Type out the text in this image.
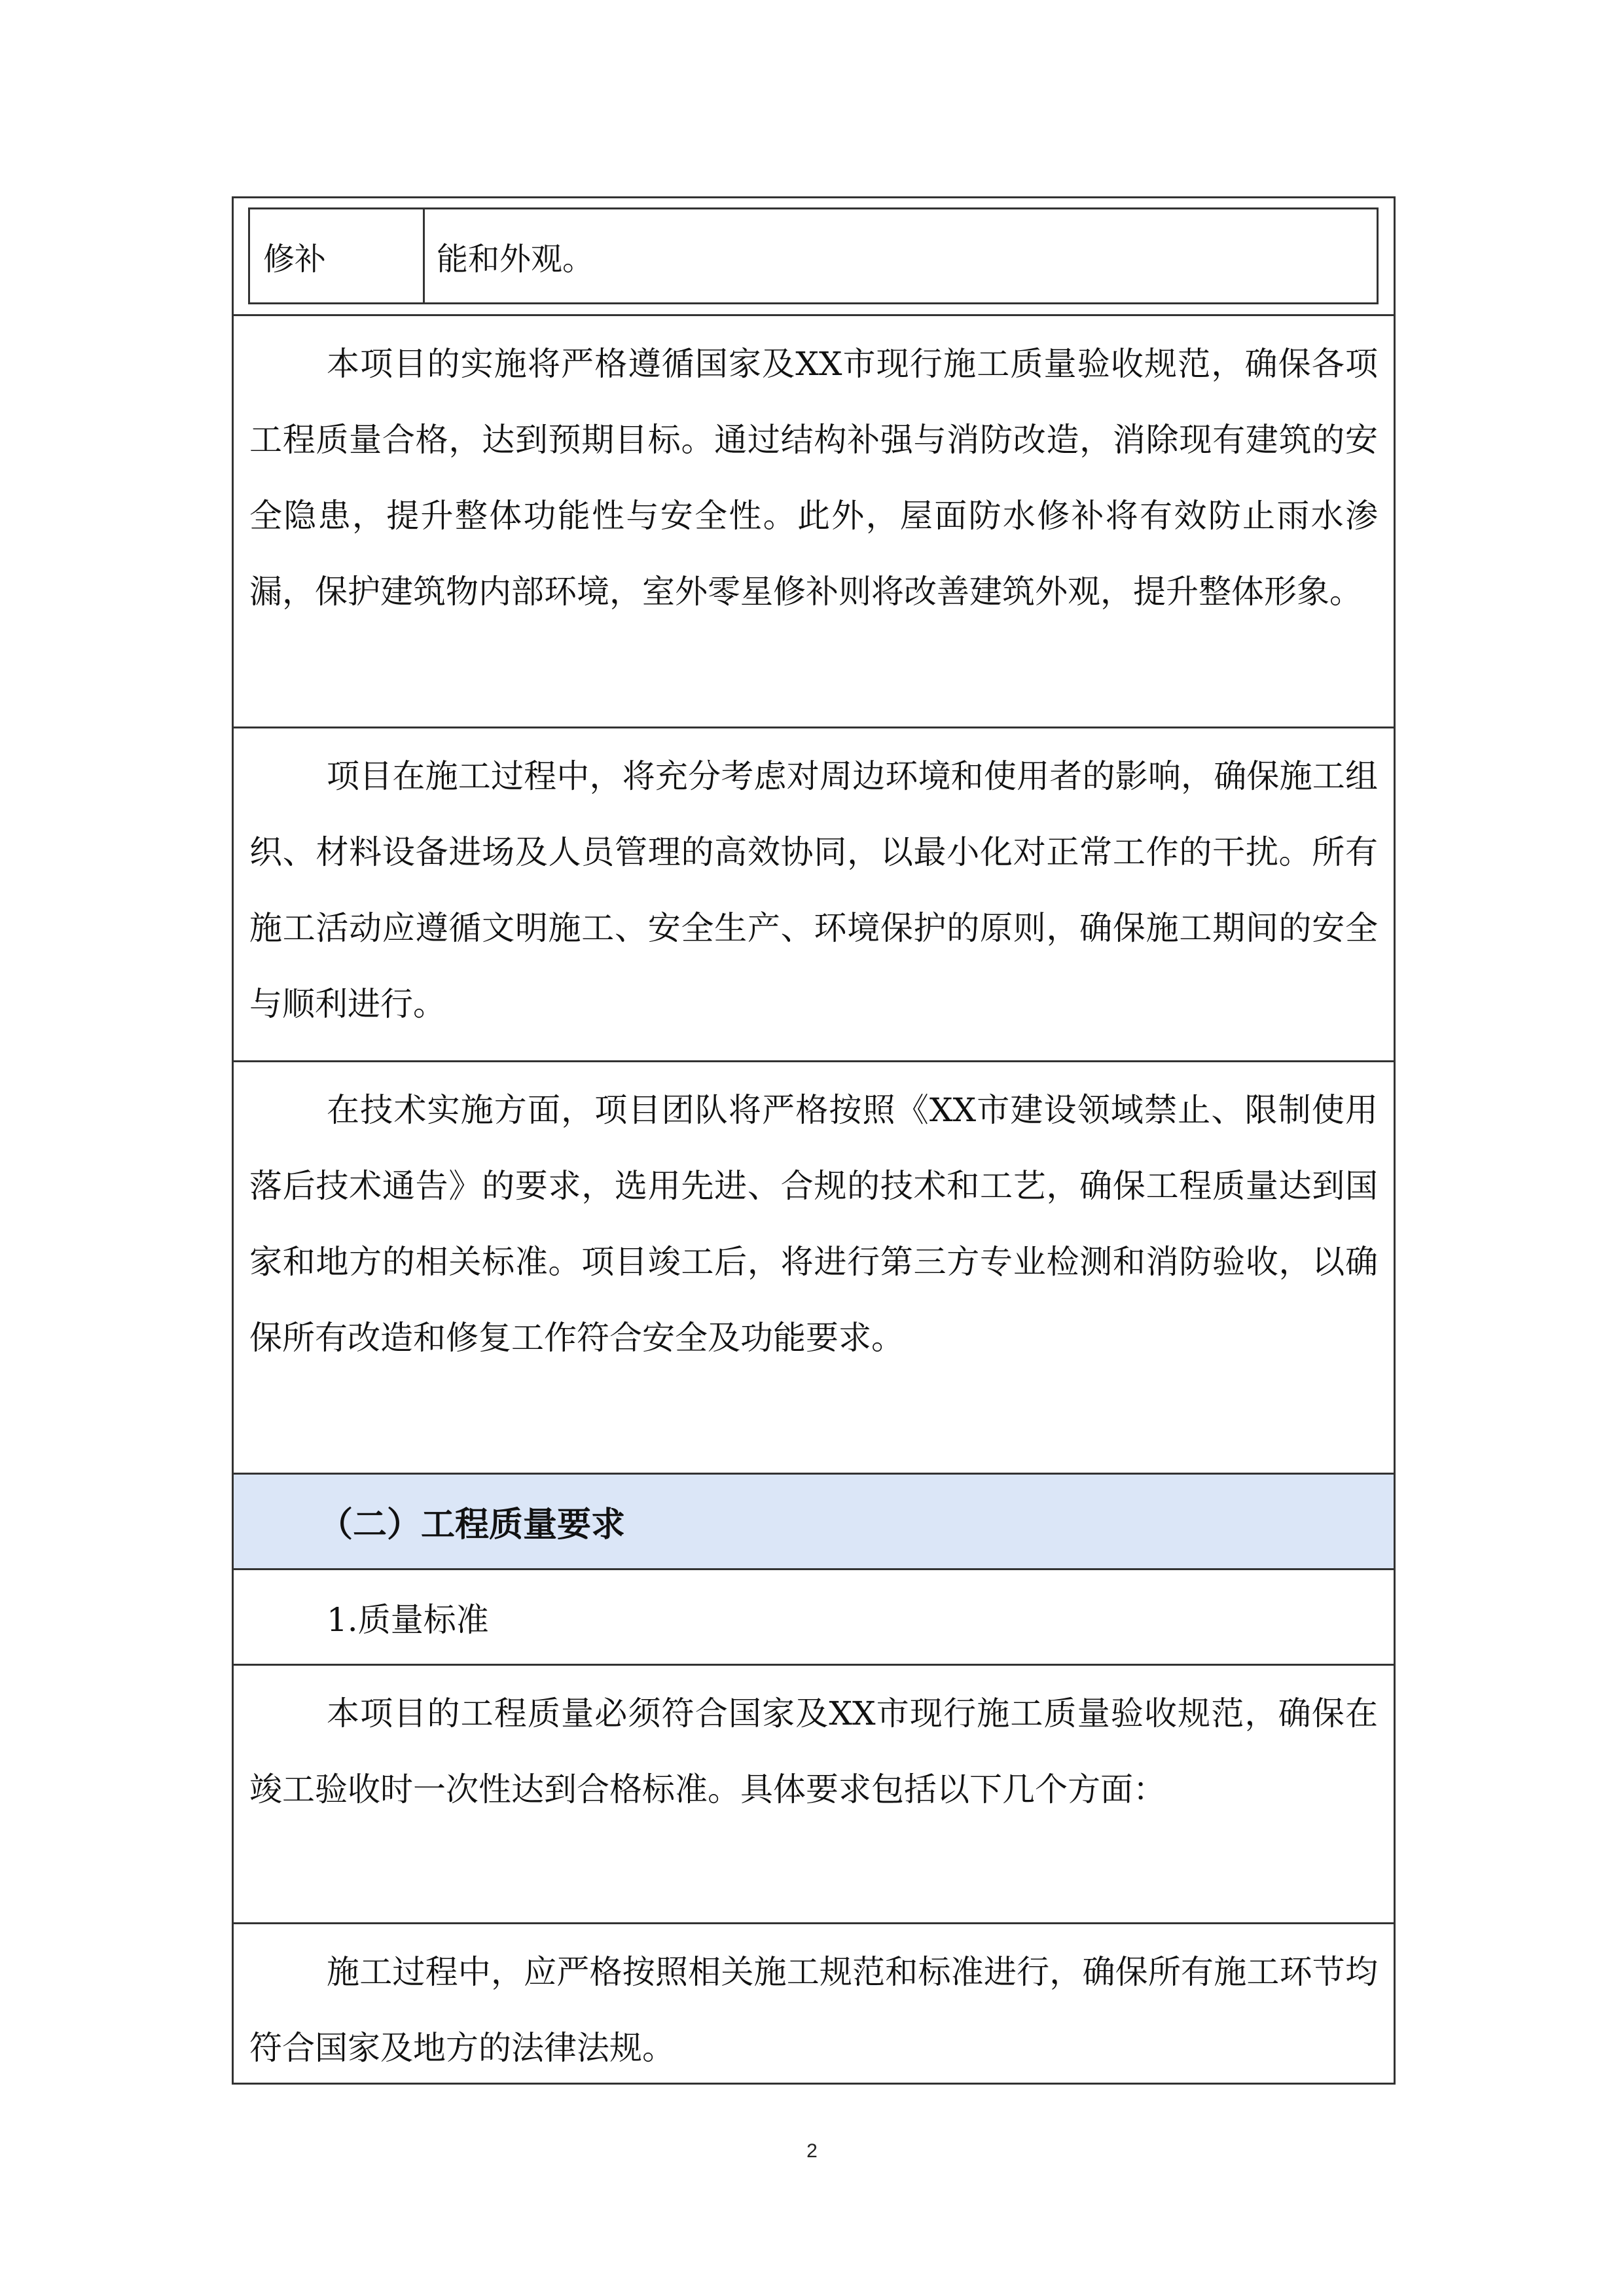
修补	能和外观。

本项目的实施将严格遵循国家及XX市现行施工质量验收规范，确保各项工程质量合格，达到预期目标。通过结构补强与消防改造，消除现有建筑的安全隐患，提升整体功能性与安全性。此外，屋面防水修补将有效防止雨水渗漏，保护建筑物内部环境，室外零星修补则将改善建筑外观，提升整体形象。

项目在施工过程中，将充分考虑对周边环境和使用者的影响，确保施工组织、材料设备进场及人员管理的高效协同，以最小化对正常工作的干扰。所有施工活动应遵循文明施工、安全生产、环境保护的原则，确保施工期间的安全与顺利进行。

在技术实施方面，项目团队将严格按照《XX市建设领域禁止、限制使用落后技术通告》的要求，选用先进、合规的技术和工艺，确保工程质量达到国家和地方的相关标准。项目竣工后，将进行第三方专业检测和消防验收，以确保所有改造和修复工作符合安全及功能要求。

（二）工程质量要求

1.质量标准

本项目的工程质量必须符合国家及XX市现行施工质量验收规范，确保在竣工验收时一次性达到合格标准。具体要求包括以下几个方面：

施工过程中，应严格按照相关施工规范和标准进行，确保所有施工环节均符合国家及地方的法律法规。

2
